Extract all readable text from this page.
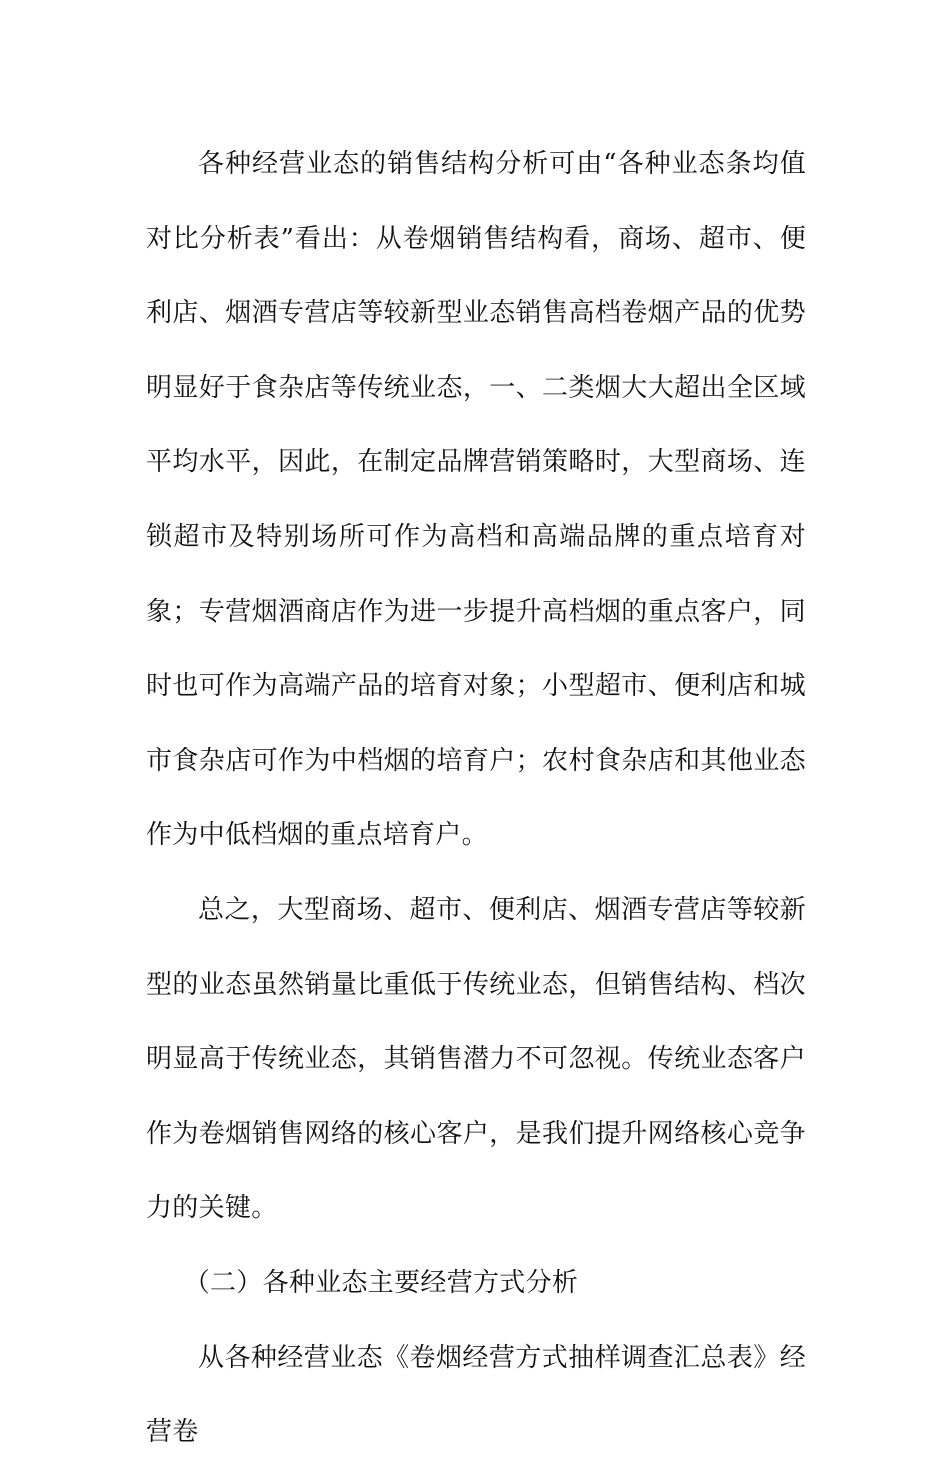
各种经营业态的销售结构分析可由“各种业态条均值对比分析表”看出：从卷烟销售结构看，商场、超市、便利店、烟酒专营店等较新型业态销售高档卷烟产品的优势明显好于食杂店等传统业态，一、二类烟大大超出全区域平均水平，因此，在制定品牌营销策略时，大型商场、连锁超市及特别场所可作为高档和高端品牌的重点培育对象；专营烟酒商店作为进一步提升高档烟的重点客户，同时也可作为高端产品的培育对象；小型超市、便利店和城市食杂店可作为中档烟的培育户；农村食杂店和其他业态作为中低档烟的重点培育户。

总之，大型商场、超市、便利店、烟酒专营店等较新型的业态虽然销量比重低于传统业态，但销售结构、档次明显高于传统业态，其销售潜力不可忽视。传统业态客户作为卷烟销售网络的核心客户，是我们提升网络核心竞争力的关键。

（二）各种业态主要经营方式分析

从各种经营业态《卷烟经营方式抽样调查汇总表》经营卷
